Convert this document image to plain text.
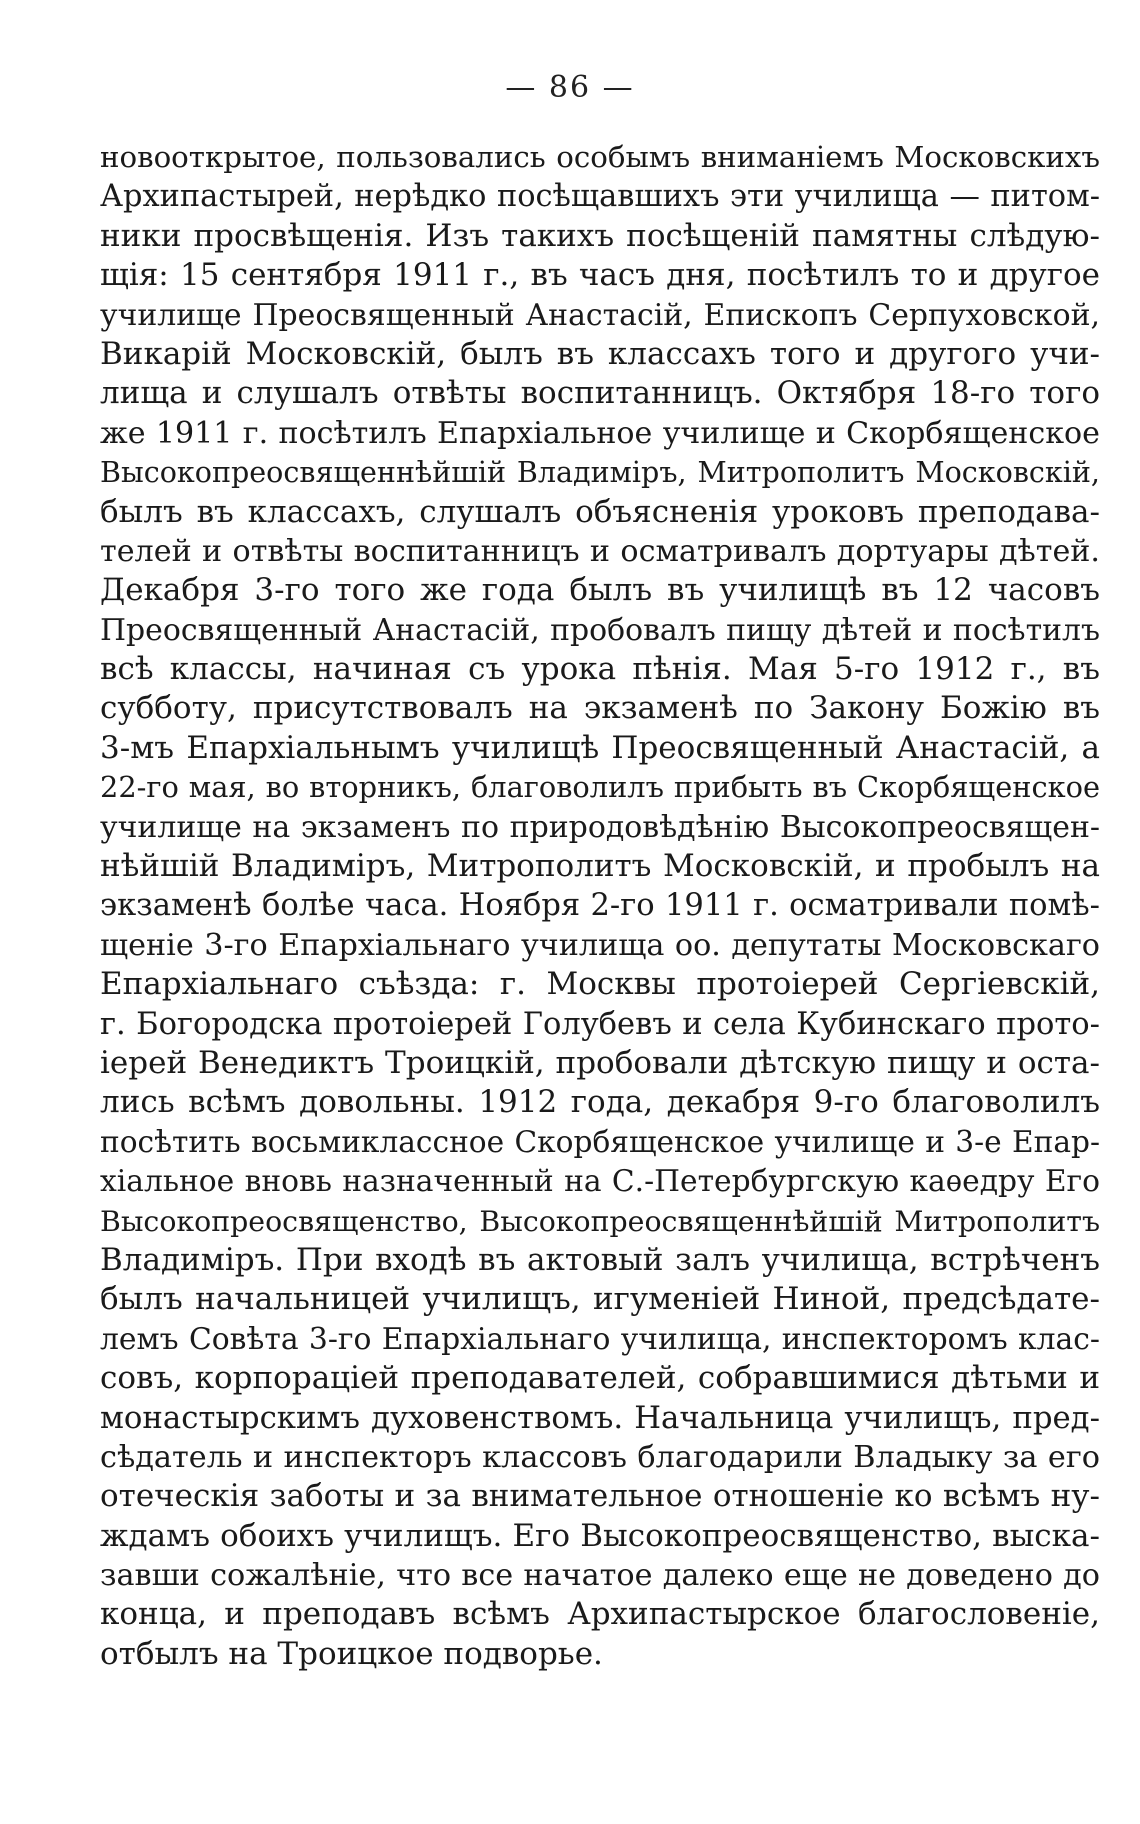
— 86 —
новооткрытое, пользовались особымъ вниманіемъ Московскихъ
Архипастырей, нерѣдко посѣщавшихъ эти училища — питом-
ники просвѣщенія. Изъ такихъ посѣщеній памятны слѣдую-
щія: 15 сентября 1911 г., въ часъ дня, посѣтилъ то и другое
училище Преосвященный Анастасій, Епископъ Серпуховской,
Викарій Московскій, былъ въ классахъ того и другого учи-
лища и слушалъ отвѣты воспитанницъ. Октября 18-го того
же 1911 г. посѣтилъ Епархіальное училище и Скорбященское
Высокопреосвященнѣйшій Владиміръ, Митрополитъ Московскій,
былъ въ классахъ, слушалъ объясненія уроковъ преподава-
телей и отвѣты воспитанницъ и осматривалъ дортуары дѣтей.
Декабря 3-го того же года былъ въ училищѣ въ 12 часовъ
Преосвященный Анастасій, пробовалъ пищу дѣтей и посѣтилъ
всѣ классы, начиная съ урока пѣнія. Мая 5-го 1912 г., въ
субботу, присутствовалъ на экзаменѣ по Закону Божію въ
3-мъ Епархіальнымъ училищѣ Преосвященный Анастасій, а
22-го мая, во вторникъ, благоволилъ прибыть въ Скорбященское
училище на экзаменъ по природовѣдѣнію Высокопреосвящен-
нѣйшій Владиміръ, Митрополитъ Московскій, и пробылъ на
экзаменѣ болѣе часа. Ноября 2-го 1911 г. осматривали помѣ-
щеніе 3-го Епархіальнаго училища оо. депутаты Московскаго
Епархіальнаго съѣзда: г. Москвы протоіерей Сергіевскій,
г. Богородска протоіерей Голубевъ и села Кубинскаго прото-
іерей Венедиктъ Троицкій, пробовали дѣтскую пищу и оста-
лись всѣмъ довольны. 1912 года, декабря 9-го благоволилъ
посѣтить восьмиклассное Скорбященское училище и 3-е Епар-
хіальное вновь назначенный на С.-Петербургскую каѳедру Его
Высокопреосвященство, Высокопреосвященнѣйшій Митрополитъ
Владиміръ. При входѣ въ актовый залъ училища, встрѣченъ
былъ начальницей училищъ, игуменіей Ниной, предсѣдате-
лемъ Совѣта 3-го Епархіальнаго училища, инспекторомъ клас-
совъ, корпораціей преподавателей, собравшимися дѣтьми и
монастырскимъ духовенствомъ. Начальница училищъ, пред-
сѣдатель и инспекторъ классовъ благодарили Владыку за его
отеческія заботы и за внимательное отношеніе ко всѣмъ ну-
ждамъ обоихъ училищъ. Его Высокопреосвященство, выска-
завши сожалѣніе, что все начатое далеко еще не доведено до
конца, и преподавъ всѣмъ Архипастырское благословеніе,
отбылъ на Троицкое подворье.
